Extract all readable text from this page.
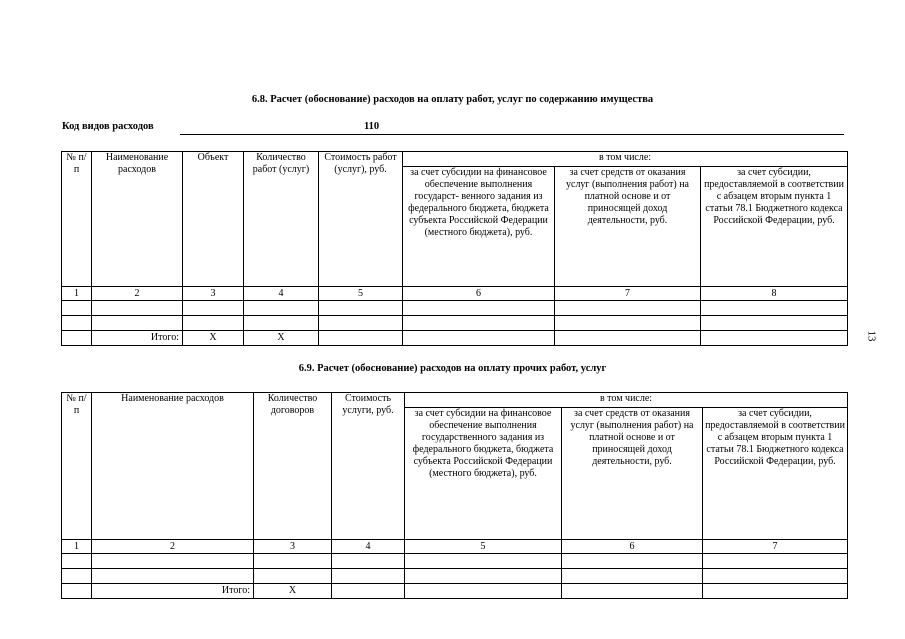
6.8. Расчет (обоснование) расходов на оплату работ, услуг по содержанию имущества
Код видов расходов	110
№ п/п	Наименование расходов	Объект	Количество работ (услуг)	Стоимость работ (услуг), руб.	в том числе:		
					за счет субсидии на финансовое обеспечение выполнения государст- венного задания из федерального бюджета, бюджета субъекта Российской Федерации (местного бюджета), руб.	за счет средств от оказания услуг (выполнения работ) на платной основе и от приносящей доход деятельности, руб.	за счет субсидии, предоставляемой в соответствии с абзацем вторым пункта 1 статьи 78.1 Бюджетного кодекса Российской Федерации, руб.
1	2	3	4	5	6	7	8

	Итого:	Х	Х				
6.9. Расчет (обоснование) расходов на оплату прочих работ, услуг
№ п/п	Наименование расходов	Количество договоров	Стоимость услуги, руб.	в том числе:		
				за счет субсидии на финансовое обеспечение выполнения государственного задания из федерального бюджета, бюджета субъекта Российской Федерации (местного бюджета), руб.	за счет средств от оказания услуг (выполнения работ) на платной основе и от приносящей доход деятельности, руб.	за счет субсидии, предоставляемой в соответствии с абзацем вторым пункта 1 статьи 78.1 Бюджетного кодекса Российской Федерации, руб.
1	2	3	4	5	6	7

	Итого:	Х				
13
